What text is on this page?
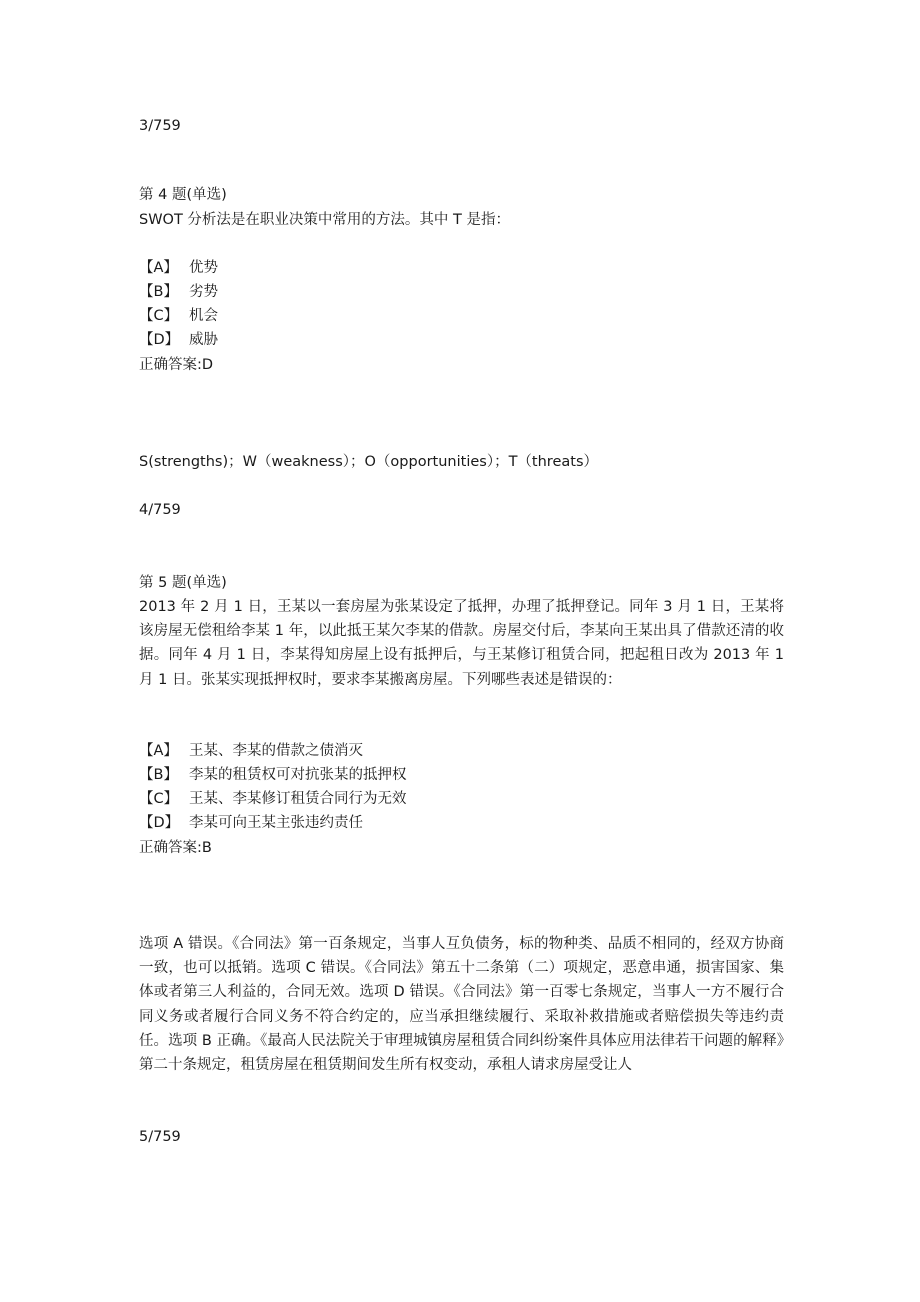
3/759
第 4 题(单选)
SWOT 分析法是在职业决策中常用的方法。其中 T 是指：
【A】 优势
【B】 劣势
【C】 机会
【D】 威胁
正确答案:D
S(strengths)；W（weakness）；O（opportunities）；T（threats）
4/759
第 5 题(单选)
2013 年 2 月 1 日，王某以一套房屋为张某设定了抵押，办理了抵押登记。同年 3 月 1 日，王某将该房屋无偿租给李某 1 年，以此抵王某欠李某的借款。房屋交付后，李某向王某出具了借款还清的收据。同年 4 月 1 日，李某得知房屋上设有抵押后，与王某修订租赁合同，把起租日改为 2013 年 1 月 1 日。张某实现抵押权时，要求李某搬离房屋。下列哪些表述是错误的：
【A】 王某、李某的借款之债消灭
【B】 李某的租赁权可对抗张某的抵押权
【C】 王某、李某修订租赁合同行为无效
【D】 李某可向王某主张违约责任
正确答案:B
选项 A 错误。《合同法》第一百条规定，当事人互负债务，标的物种类、品质不相同的，经双方协商一致，也可以抵销。选项 C 错误。《合同法》第五十二条第（二）项规定，恶意串通，损害国家、集体或者第三人利益的，合同无效。选项 D 错误。《合同法》第一百零七条规定，当事人一方不履行合同义务或者履行合同义务不符合约定的，应当承担继续履行、采取补救措施或者赔偿损失等违约责任。选项 B 正确。《最高人民法院关于审理城镇房屋租赁合同纠纷案件具体应用法律若干问题的解释》第二十条规定，租赁房屋在租赁期间发生所有权变动，承租人请求房屋受让人
5/759
